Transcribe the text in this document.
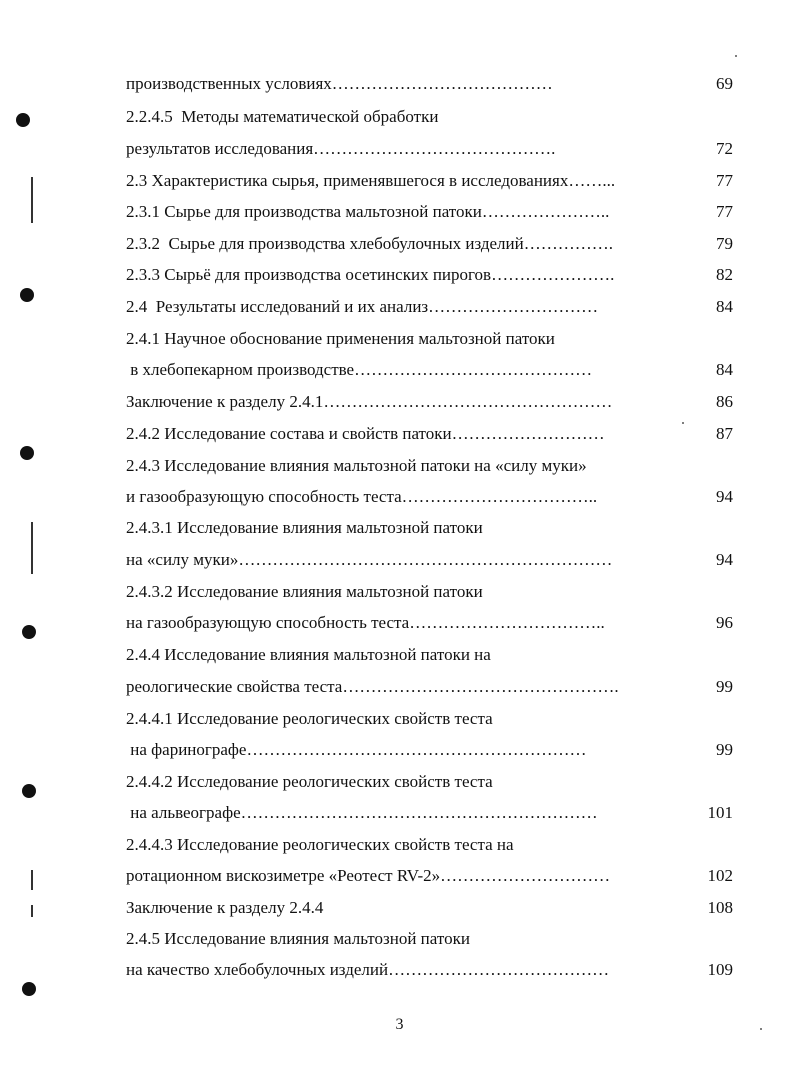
производственных условиях…………………………………	69
2.2.4.5  Методы математической обработки
результатов исследования…………………………………….	72
2.3 Характеристика сырья, применявшегося в исследованиях……...	77
2.3.1 Сырье для производства мальтозной патоки…………………..	77
2.3.2  Сырье для производства хлебобулочных изделий…………….	79
2.3.3 Сырьё для производства осетинских пирогов………………….	82
2.4  Результаты исследований и их анализ…………………………	84
2.4.1 Научное обоснование применения мальтозной патоки
в хлебопекарном производстве……………………………………	84
Заключение к разделу 2.4.1……………………………………………	86
2.4.2 Исследование состава и свойств патоки………………………	87
2.4.3 Исследование влияния мальтозной патоки на «силу муки»
и газообразующую способность теста……………………………..	94
2.4.3.1 Исследование влияния мальтозной патоки
на «силу муки»…………………………………………………………	94
2.4.3.2 Исследование влияния мальтозной патоки
на газообразующую способность теста……………………………..	96
2.4.4 Исследование влияния мальтозной патоки на
реологические свойства теста………………………………………….	99
2.4.4.1 Исследование реологических свойств теста
на фаринографе……………………………………………………	99
2.4.4.2 Исследование реологических свойств теста
на альвеографе………………………………………………………	101
2.4.4.3 Исследование реологических свойств теста на
ротационном вискозиметре «Реотест RV-2»…………………………	102
Заключение к разделу 2.4.4	108
2.4.5 Исследование влияния мальтозной патоки
на качество хлебобулочных изделий…………………………………	109
3
